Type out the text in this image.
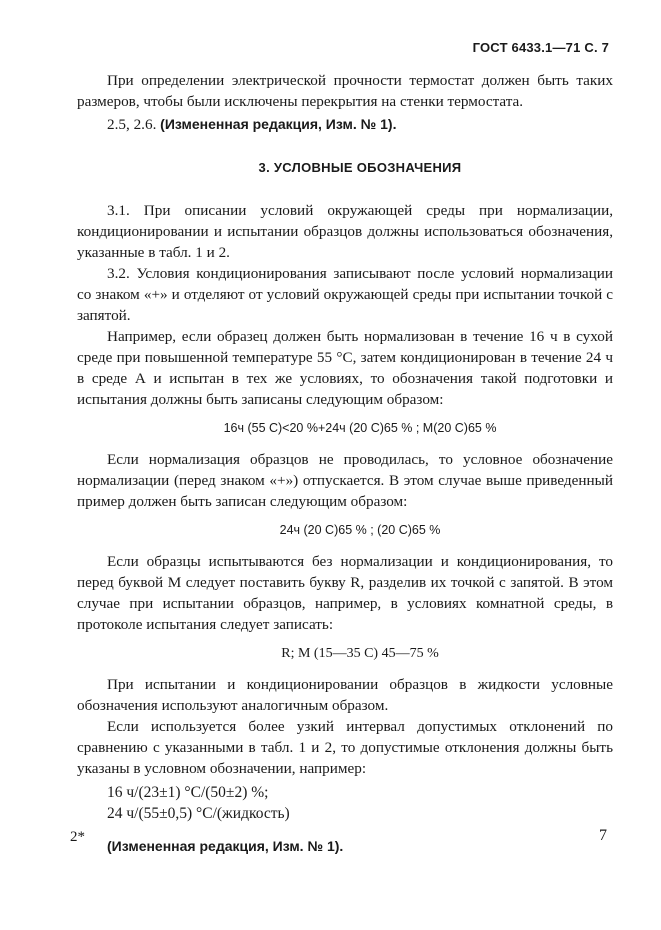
ГОСТ 6433.1—71 С. 7

При определении электрической прочности термостат должен быть таких размеров, чтобы были исключены перекрытия на стенки термостата.

2.5, 2.6. (Измененная редакция, Изм. № 1).

3. УСЛОВНЫЕ ОБОЗНАЧЕНИЯ

3.1. При описании условий окружающей среды при нормализации, кондиционировании и испытании образцов должны использоваться обозначения, указанные в табл. 1 и 2.

3.2. Условия кондиционирования записывают после условий нормализации со знаком «+» и отделяют от условий окружающей среды при испытании точкой с запятой.

Например, если образец должен быть нормализован в течение 16 ч в сухой среде при повышенной температуре 55 °С, затем кондиционирован в течение 24 ч в среде А и испытан в тех же условиях, то обозначения такой подготовки и испытания должны быть записаны следующим образом:

16ч (55 С)<20 %+24ч (20 С)65 % ; М(20 С)65 %

Если нормализация образцов не проводилась, то условное обозначение нормализации (перед знаком «+») отпускается. В этом случае выше приведенный пример должен быть записан следующим образом:

24ч (20 С)65 % ; (20 С)65 %

Если образцы испытываются без нормализации и кондиционирования, то перед буквой М следует поставить букву R, разделив их точкой с запятой. В этом случае при испытании образцов, например, в условиях комнатной среды, в протоколе испытания следует записать:

R; М (15—35 С) 45—75 %

При испытании и кондиционировании образцов в жидкости условные обозначения используют аналогичным образом.

Если используется более узкий интервал допустимых отклонений по сравнению с указанными в табл. 1 и 2, то допустимые отклонения должны быть указаны в условном обозначении, например:

16 ч/(23±1) °С/(50±2) %;
24 ч/(55±0,5) °С/(жидкость)

(Измененная редакция, Изм. № 1).

2*	7
